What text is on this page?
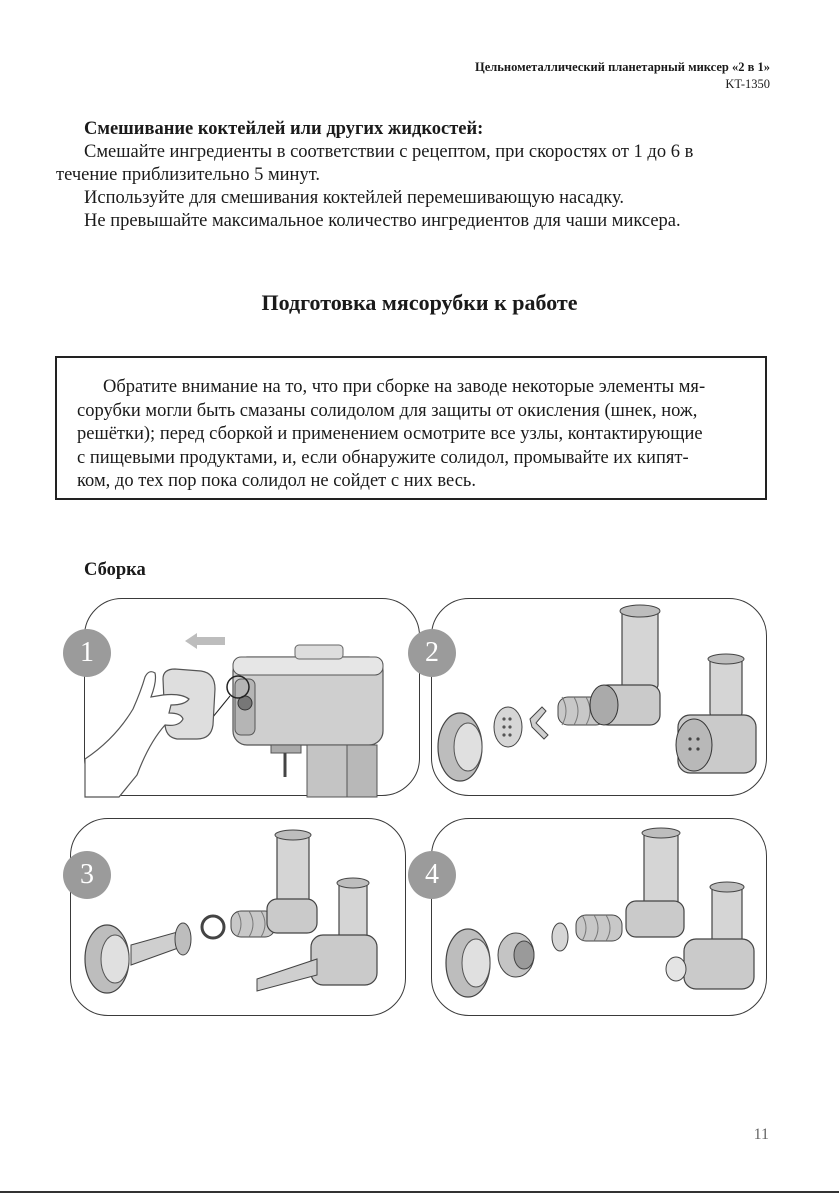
Цельнометаллический планетарный миксер «2 в 1»
KT-1350
Смешивание коктейлей или других жидкостей:
Смешайте ингредиенты в соответствии с рецептом, при скоростях от 1 до 6 в течение приблизительно 5 минут.
Используйте для смешивания коктейлей перемешивающую насадку.
Не превышайте максимальное количество ингредиентов для чаши миксера.
Подготовка мясорубки к работе
Обратите внимание на то, что при сборке на заводе некоторые элементы мя-
сорубки могли быть смазаны солидолом для защиты от окисления (шнек, нож,
решётки); перед сборкой и применением осмотрите все узлы, контактирующие
с пищевыми продуктами, и, если обнаружите солидол, промывайте их кипят-
ком, до тех пор пока солидол не сойдет с них весь.
Сборка
1	2
3	4
11
